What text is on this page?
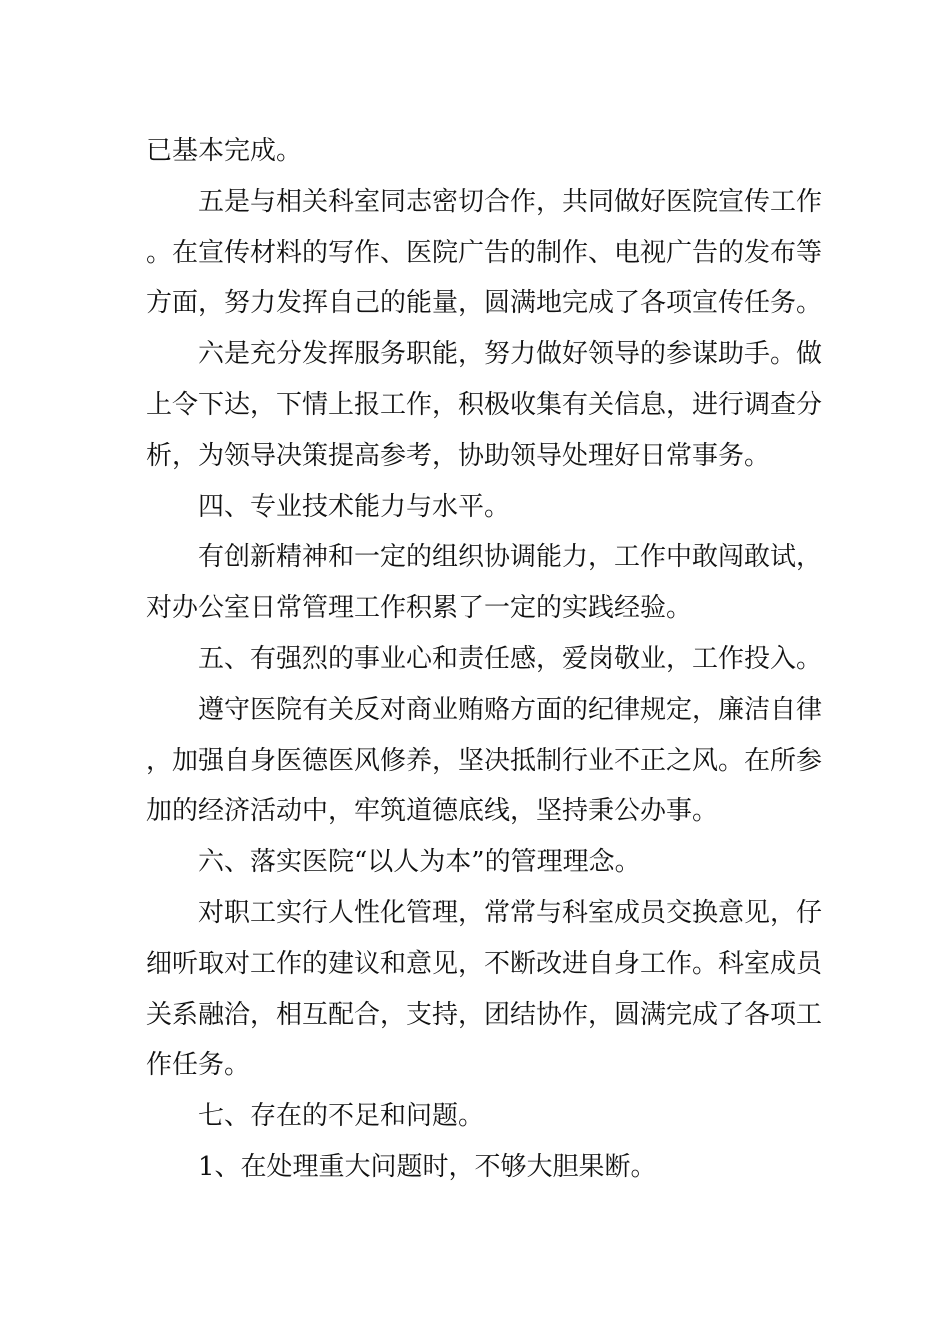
已基本完成。

五是与相关科室同志密切合作，共同做好医院宣传工作。在宣传材料的写作、医院广告的制作、电视广告的发布等方面，努力发挥自己的能量，圆满地完成了各项宣传任务。

六是充分发挥服务职能，努力做好领导的参谋助手。做上令下达，下情上报工作，积极收集有关信息，进行调查分析，为领导决策提高参考，协助领导处理好日常事务。

四、专业技术能力与水平。

有创新精神和一定的组织协调能力，工作中敢闯敢试，对办公室日常管理工作积累了一定的实践经验。

五、有强烈的事业心和责任感，爱岗敬业，工作投入。

遵守医院有关反对商业贿赂方面的纪律规定，廉洁自律，加强自身医德医风修养，坚决抵制行业不正之风。在所参加的经济活动中，牢筑道德底线，坚持秉公办事。

六、落实医院“以人为本”的管理理念。

对职工实行人性化管理，常常与科室成员交换意见，仔细听取对工作的建议和意见，不断改进自身工作。科室成员关系融洽，相互配合，支持，团结协作，圆满完成了各项工作任务。

七、存在的不足和问题。

1、在处理重大问题时，不够大胆果断。
